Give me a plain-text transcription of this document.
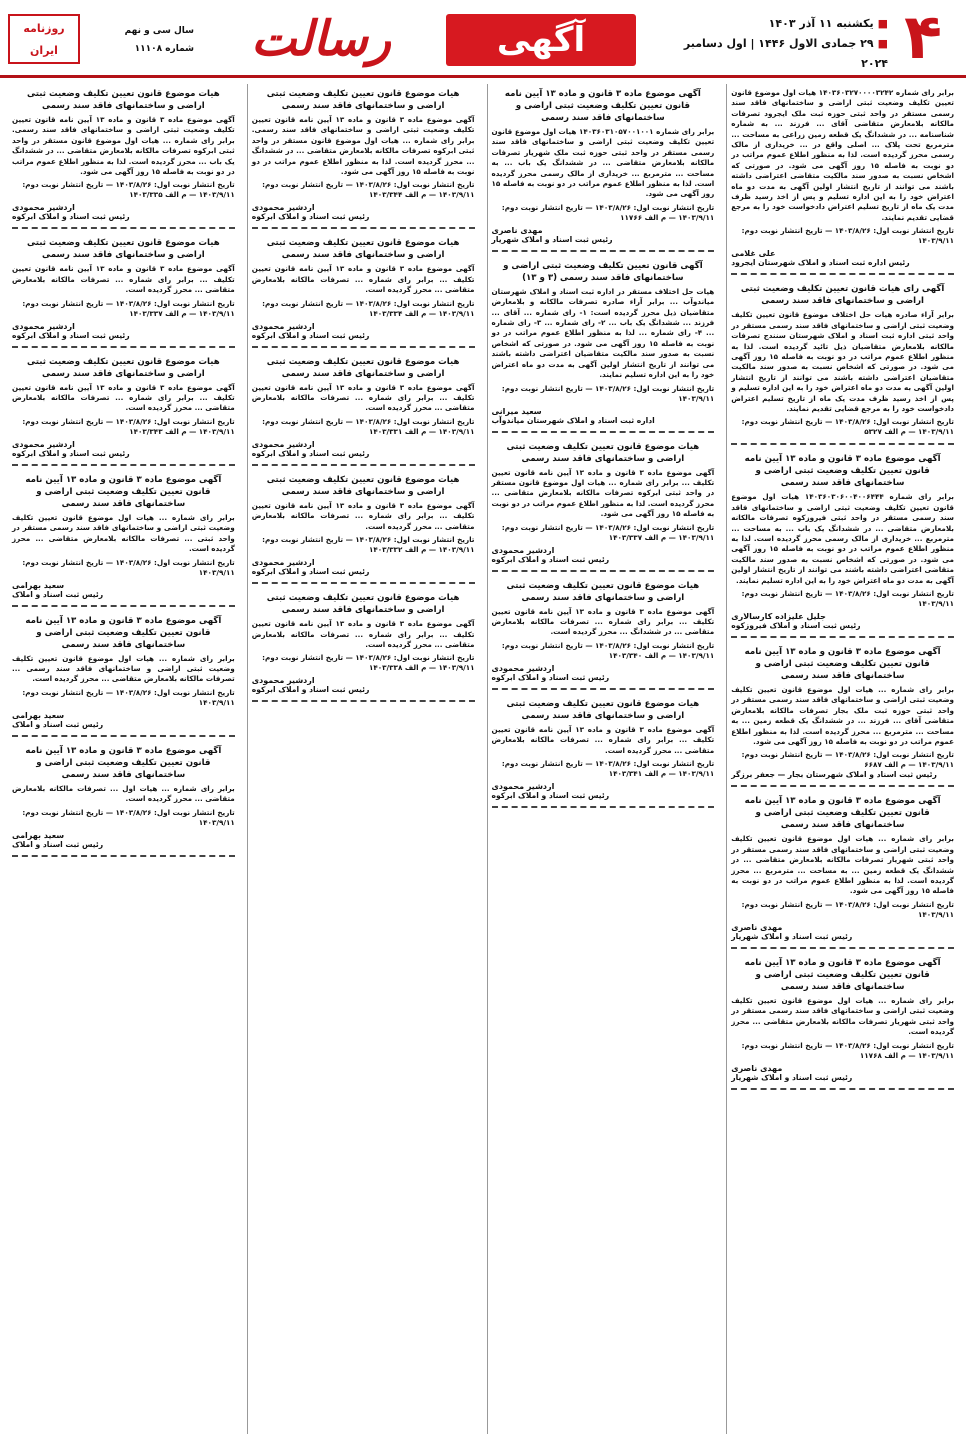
۴
■یکشنبه ۱۱ آذر ۱۴۰۳
■۲۹ جمادی الاول ۱۴۴۶ | اول دسامبر ۲۰۲۴
آگهی
رسالت
سال سی و نهم
شماره ۱۱۱۰۸
روزنامه
ایران
برابر رای شماره ۱۴۰۳۶۰۳۲۷۰۰۰۰۳۲۴۲ هیات اول موضوع قانون تعیین تکلیف وضعیت ثبتی اراضی و ساختمانهای فاقد سند رسمی مستقر در واحد ثبتی حوزه ثبت ملک ایجرود تصرفات مالکانه بلامعارض متقاضی آقای ... فرزند ... به شماره شناسنامه ... در ششدانگ یک قطعه زمین زراعی به مساحت ... مترمربع تحت پلاک ... اصلی واقع در ... خریداری از مالک رسمی محرز گردیده است. لذا به منظور اطلاع عموم مراتب در دو نوبت به فاصله ۱۵ روز آگهی می شود. در صورتی که اشخاص نسبت به صدور سند مالکیت متقاضی اعتراضی داشته باشند می توانند از تاریخ انتشار اولین آگهی به مدت دو ماه اعتراض خود را به این اداره تسلیم و پس از اخذ رسید ظرف مدت یک ماه از تاریخ تسلیم اعتراض دادخواست خود را به مرجع قضایی تقدیم نمایند.
تاریخ انتشار نوبت اول: ۱۴۰۳/۸/۲۶ — تاریخ انتشار نوبت دوم: ۱۴۰۳/۹/۱۱
علی غلامی
رئیس اداره ثبت اسناد و املاک شهرستان ایجرود
آگهی رای هیات قانون تعیین تکلیف وضعیت ثبتی اراضی و ساختمانهای فاقد سند رسمی
برابر آراء صادره هیات حل اختلاف موضوع قانون تعیین تکلیف وضعیت ثبتی اراضی و ساختمانهای فاقد سند رسمی مستقر در واحد ثبتی اداره ثبت اسناد و املاک شهرستان سنندج تصرفات مالکانه بلامعارض متقاضیان ذیل تائید گردیده است. لذا به منظور اطلاع عموم مراتب در دو نوبت به فاصله ۱۵ روز آگهی می شود. در صورتی که اشخاص نسبت به صدور سند مالکیت متقاضیان اعتراضی داشته باشند می توانند از تاریخ انتشار اولین آگهی به مدت دو ماه اعتراض خود را به این اداره تسلیم و پس از اخذ رسید ظرف مدت یک ماه از تاریخ تسلیم اعتراض دادخواست خود را به مرجع قضایی تقدیم نمایند.
تاریخ انتشار نوبت اول: ۱۴۰۳/۸/۲۶ — تاریخ انتشار نوبت دوم: ۱۴۰۳/۹/۱۱ — م الف ۵۳۲۷
آگهی موضوع ماده ۳ قانون و ماده ۱۳ آیین نامه قانون تعیین تکلیف وضعیت ثبتی اراضی و ساختمانهای فاقد سند رسمی
برابر رای شماره ۱۴۰۳۶۰۳۰۶۰۰۴۰۰۶۴۴۴ هیات اول موضوع قانون تعیین تکلیف وضعیت ثبتی اراضی و ساختمانهای فاقد سند رسمی مستقر در واحد ثبتی فیروزکوه تصرفات مالکانه بلامعارض متقاضی ... در ششدانگ یک باب ... به مساحت ... مترمربع ... خریداری از مالک رسمی محرز گردیده است. لذا به منظور اطلاع عموم مراتب در دو نوبت به فاصله ۱۵ روز آگهی می شود. در صورتی که اشخاص نسبت به صدور سند مالکیت متقاضی اعتراضی داشته باشند می توانند از تاریخ انتشار اولین آگهی به مدت دو ماه اعتراض خود را به این اداره تسلیم نمایند.
تاریخ انتشار نوبت اول: ۱۴۰۳/۸/۲۶ — تاریخ انتشار نوبت دوم: ۱۴۰۳/۹/۱۱
جلیل علیزاده کارسالاری
رئیس ثبت اسناد و املاک فیروزکوه
آگهی موضوع ماده ۳ قانون و ماده ۱۳ آیین نامه قانون تعیین تکلیف وضعیت ثبتی اراضی و ساختمانهای فاقد سند رسمی
برابر رای شماره ... هیات اول موضوع قانون تعیین تکلیف وضعیت ثبتی اراضی و ساختمانهای فاقد سند رسمی مستقر در واحد ثبتی حوزه ثبت ملک بجار تصرفات مالکانه بلامعارض متقاضی آقای ... فرزند ... در ششدانگ یک قطعه زمین ... به مساحت ... مترمربع ... محرز گردیده است. لذا به منظور اطلاع عموم مراتب در دو نوبت به فاصله ۱۵ روز آگهی می شود.
تاریخ انتشار نوبت اول: ۱۴۰۳/۸/۲۶ — تاریخ انتشار نوبت دوم: ۱۴۰۳/۹/۱۱ — م الف ۶۶۸۷
رئیس ثبت اسناد و املاک شهرستان بجار — جعفر برزگر
آگهی موضوع ماده ۳ قانون و ماده ۱۳ آیین نامه قانون تعیین تکلیف وضعیت ثبتی اراضی و ساختمانهای فاقد سند رسمی
برابر رای شماره ... هیات اول موضوع قانون تعیین تکلیف وضعیت ثبتی اراضی و ساختمانهای فاقد سند رسمی مستقر در واحد ثبتی شهریار تصرفات مالکانه بلامعارض متقاضی ... در ششدانگ یک قطعه زمین ... به مساحت ... مترمربع ... محرز گردیده است. لذا به منظور اطلاع عموم مراتب در دو نوبت به فاصله ۱۵ روز آگهی می شود.
تاریخ انتشار نوبت اول: ۱۴۰۳/۸/۲۶ — تاریخ انتشار نوبت دوم: ۱۴۰۳/۹/۱۱
مهدی ناصری
رئیس ثبت اسناد و املاک شهریار
آگهی موضوع ماده ۳ قانون و ماده ۱۳ آیین نامه قانون تعیین تکلیف وضعیت ثبتی اراضی و ساختمانهای فاقد سند رسمی
برابر رای شماره ... هیات اول موضوع قانون تعیین تکلیف وضعیت ثبتی اراضی و ساختمانهای فاقد سند رسمی مستقر در واحد ثبتی شهریار تصرفات مالکانه بلامعارض متقاضی ... محرز گردیده است.
تاریخ انتشار نوبت اول: ۱۴۰۳/۸/۲۶ — تاریخ انتشار نوبت دوم: ۱۴۰۳/۹/۱۱ — م الف ۱۱۷۶۸
مهدی ناصری
رئیس ثبت اسناد و املاک شهریار
آگهی موضوع ماده ۳ قانون و ماده ۱۳ آیین نامه قانون تعیین تکلیف وضعیت ثبتی اراضی و ساختمانهای فاقد سند رسمی
برابر رای شماره ۱۴۰۳۶۰۳۱۰۵۷۰۰۱۰۰۱ هیات اول موضوع قانون تعیین تکلیف وضعیت ثبتی اراضی و ساختمانهای فاقد سند رسمی مستقر در واحد ثبتی حوزه ثبت ملک شهریار تصرفات مالکانه بلامعارض متقاضی ... در ششدانگ یک باب ... به مساحت ... مترمربع ... خریداری از مالک رسمی محرز گردیده است. لذا به منظور اطلاع عموم مراتب در دو نوبت به فاصله ۱۵ روز آگهی می شود.
تاریخ انتشار نوبت اول: ۱۴۰۳/۸/۲۶ — تاریخ انتشار نوبت دوم: ۱۴۰۳/۹/۱۱ — م الف ۱۱۷۶۶
مهدی ناصری
رئیس ثبت اسناد و املاک شهریار
آگهی قانون تعیین تکلیف وضعیت ثبتی اراضی و ساختمانهای فاقد سند رسمی (۳ و ۱۳)
هیات حل اختلاف مستقر در اداره ثبت اسناد و املاک شهرستان میاندوآب ... برابر آراء صادره تصرفات مالکانه و بلامعارض متقاضیان ذیل محرز گردیده است: ۱- رای شماره ... آقای ... فرزند ... ششدانگ یک باب ... ۲- رای شماره ... ۳- رای شماره ... ۴- رای شماره ... لذا به منظور اطلاع عموم مراتب در دو نوبت به فاصله ۱۵ روز آگهی می شود. در صورتی که اشخاص نسبت به صدور سند مالکیت متقاضیان اعتراضی داشته باشند می توانند از تاریخ انتشار اولین آگهی به مدت دو ماه اعتراض خود را به این اداره تسلیم نمایند.
تاریخ انتشار نوبت اول: ۱۴۰۳/۸/۲۶ — تاریخ انتشار نوبت دوم: ۱۴۰۳/۹/۱۱
سعید میرانی
اداره ثبت اسناد و املاک شهرستان میاندوآب
هیات موضوع قانون تعیین تکلیف وضعیت ثبتی اراضی و ساختمانهای فاقد سند رسمی
آگهی موضوع ماده ۳ قانون و ماده ۱۳ آیین نامه قانون تعیین تکلیف ... برابر رای شماره ... هیات اول موضوع قانون مستقر در واحد ثبتی ابرکوه تصرفات مالکانه بلامعارض متقاضی ... محرز گردیده است. لذا به منظور اطلاع عموم مراتب در دو نوبت به فاصله ۱۵ روز آگهی می شود.
تاریخ انتشار نوبت اول: ۱۴۰۳/۸/۲۶ — تاریخ انتشار نوبت دوم: ۱۴۰۳/۹/۱۱ — م الف ۱۴۰۳/۳۳۷
اردشیر محمودی
رئیس ثبت اسناد و املاک ابرکوه
هیات موضوع قانون تعیین تکلیف وضعیت ثبتی اراضی و ساختمانهای فاقد سند رسمی
آگهی موضوع ماده ۳ قانون و ماده ۱۳ آیین نامه قانون تعیین تکلیف ... برابر رای شماره ... تصرفات مالکانه بلامعارض متقاضی ... در ششدانگ ... محرز گردیده است.
تاریخ انتشار نوبت اول: ۱۴۰۳/۸/۲۶ — تاریخ انتشار نوبت دوم: ۱۴۰۳/۹/۱۱ — م الف ۱۴۰۳/۳۴۰
اردشیر محمودی
رئیس ثبت اسناد و املاک ابرکوه
هیات موضوع قانون تعیین تکلیف وضعیت ثبتی اراضی و ساختمانهای فاقد سند رسمی
آگهی موضوع ماده ۳ قانون و ماده ۱۳ آیین نامه قانون تعیین تکلیف ... برابر رای شماره ... تصرفات مالکانه بلامعارض متقاضی ... محرز گردیده است.
تاریخ انتشار نوبت اول: ۱۴۰۳/۸/۲۶ — تاریخ انتشار نوبت دوم: ۱۴۰۳/۹/۱۱ — م الف ۱۴۰۳/۳۴۱
اردشیر محمودی
رئیس ثبت اسناد و املاک ابرکوه
هیات موضوع قانون تعیین تکلیف وضعیت ثبتی اراضی و ساختمانهای فاقد سند رسمی
آگهی موضوع ماده ۳ قانون و ماده ۱۳ آیین نامه قانون تعیین تکلیف وضعیت ثبتی اراضی و ساختمانهای فاقد سند رسمی. برابر رای شماره ... هیات اول موضوع قانون مستقر در واحد ثبتی ابرکوه تصرفات مالکانه بلامعارض متقاضی ... در ششدانگ ... محرز گردیده است. لذا به منظور اطلاع عموم مراتب در دو نوبت به فاصله ۱۵ روز آگهی می شود.
تاریخ انتشار نوبت اول: ۱۴۰۳/۸/۲۶ — تاریخ انتشار نوبت دوم: ۱۴۰۳/۹/۱۱ — م الف ۱۴۰۳/۳۴۴
اردشیر محمودی
رئیس ثبت اسناد و املاک ابرکوه
هیات موضوع قانون تعیین تکلیف وضعیت ثبتی اراضی و ساختمانهای فاقد سند رسمی
آگهی موضوع ماده ۳ قانون و ماده ۱۳ آیین نامه قانون تعیین تکلیف ... برابر رای شماره ... تصرفات مالکانه بلامعارض متقاضی ... محرز گردیده است.
تاریخ انتشار نوبت اول: ۱۴۰۳/۸/۲۶ — تاریخ انتشار نوبت دوم: ۱۴۰۳/۹/۱۱ — م الف ۱۴۰۳/۳۳۴
اردشیر محمودی
رئیس ثبت اسناد و املاک ابرکوه
هیات موضوع قانون تعیین تکلیف وضعیت ثبتی اراضی و ساختمانهای فاقد سند رسمی
آگهی موضوع ماده ۳ قانون و ماده ۱۳ آیین نامه قانون تعیین تکلیف ... برابر رای شماره ... تصرفات مالکانه بلامعارض متقاضی ... محرز گردیده است.
تاریخ انتشار نوبت اول: ۱۴۰۳/۸/۲۶ — تاریخ انتشار نوبت دوم: ۱۴۰۳/۹/۱۱ — م الف ۱۴۰۳/۳۳۱
اردشیر محمودی
رئیس ثبت اسناد و املاک ابرکوه
هیات موضوع قانون تعیین تکلیف وضعیت ثبتی اراضی و ساختمانهای فاقد سند رسمی
آگهی موضوع ماده ۳ قانون و ماده ۱۳ آیین نامه قانون تعیین تکلیف ... برابر رای شماره ... تصرفات مالکانه بلامعارض متقاضی ... محرز گردیده است.
تاریخ انتشار نوبت اول: ۱۴۰۳/۸/۲۶ — تاریخ انتشار نوبت دوم: ۱۴۰۳/۹/۱۱ — م الف ۱۴۰۳/۳۳۲
اردشیر محمودی
رئیس ثبت اسناد و املاک ابرکوه
هیات موضوع قانون تعیین تکلیف وضعیت ثبتی اراضی و ساختمانهای فاقد سند رسمی
آگهی موضوع ماده ۳ قانون و ماده ۱۳ آیین نامه قانون تعیین تکلیف ... برابر رای شماره ... تصرفات مالکانه بلامعارض متقاضی ... محرز گردیده است.
تاریخ انتشار نوبت اول: ۱۴۰۳/۸/۲۶ — تاریخ انتشار نوبت دوم: ۱۴۰۳/۹/۱۱ — م الف ۱۴۰۳/۳۳۸
اردشیر محمودی
رئیس ثبت اسناد و املاک ابرکوه
هیات موضوع قانون تعیین تکلیف وضعیت ثبتی اراضی و ساختمانهای فاقد سند رسمی
آگهی موضوع ماده ۳ قانون و ماده ۱۳ آیین نامه قانون تعیین تکلیف وضعیت ثبتی اراضی و ساختمانهای فاقد سند رسمی. برابر رای شماره ... هیات اول موضوع قانون مستقر در واحد ثبتی ابرکوه تصرفات مالکانه بلامعارض متقاضی ... در ششدانگ یک باب ... محرز گردیده است. لذا به منظور اطلاع عموم مراتب در دو نوبت به فاصله ۱۵ روز آگهی می شود.
تاریخ انتشار نوبت اول: ۱۴۰۳/۸/۲۶ — تاریخ انتشار نوبت دوم: ۱۴۰۳/۹/۱۱ — م الف ۱۴۰۳/۳۳۵
اردشیر محمودی
رئیس ثبت اسناد و املاک ابرکوه
هیات موضوع قانون تعیین تکلیف وضعیت ثبتی اراضی و ساختمانهای فاقد سند رسمی
آگهی موضوع ماده ۳ قانون و ماده ۱۳ آیین نامه قانون تعیین تکلیف ... برابر رای شماره ... تصرفات مالکانه بلامعارض متقاضی ... محرز گردیده است.
تاریخ انتشار نوبت اول: ۱۴۰۳/۸/۲۶ — تاریخ انتشار نوبت دوم: ۱۴۰۳/۹/۱۱ — م الف ۱۴۰۳/۳۳۷
اردشیر محمودی
رئیس ثبت اسناد و املاک ابرکوه
هیات موضوع قانون تعیین تکلیف وضعیت ثبتی اراضی و ساختمانهای فاقد سند رسمی
آگهی موضوع ماده ۳ قانون و ماده ۱۳ آیین نامه قانون تعیین تکلیف ... برابر رای شماره ... تصرفات مالکانه بلامعارض متقاضی ... محرز گردیده است.
تاریخ انتشار نوبت اول: ۱۴۰۳/۸/۲۶ — تاریخ انتشار نوبت دوم: ۱۴۰۳/۹/۱۱ — م الف ۱۴۰۳/۳۴۳
اردشیر محمودی
رئیس ثبت اسناد و املاک ابرکوه
آگهی موضوع ماده ۳ قانون و ماده ۱۳ آیین نامه قانون تعیین تکلیف وضعیت ثبتی اراضی و ساختمانهای فاقد سند رسمی
برابر رای شماره ... هیات اول موضوع قانون تعیین تکلیف وضعیت ثبتی اراضی و ساختمانهای فاقد سند رسمی مستقر در واحد ثبتی ... تصرفات مالکانه بلامعارض متقاضی ... محرز گردیده است.
تاریخ انتشار نوبت اول: ۱۴۰۳/۸/۲۶ — تاریخ انتشار نوبت دوم: ۱۴۰۳/۹/۱۱
سعید بهرامی
رئیس ثبت اسناد و املاک
آگهی موضوع ماده ۳ قانون و ماده ۱۳ آیین نامه قانون تعیین تکلیف وضعیت ثبتی اراضی و ساختمانهای فاقد سند رسمی
برابر رای شماره ... هیات اول موضوع قانون تعیین تکلیف وضعیت ثبتی اراضی و ساختمانهای فاقد سند رسمی ... تصرفات مالکانه بلامعارض متقاضی ... محرز گردیده است.
تاریخ انتشار نوبت اول: ۱۴۰۳/۸/۲۶ — تاریخ انتشار نوبت دوم: ۱۴۰۳/۹/۱۱
سعید بهرامی
رئیس ثبت اسناد و املاک
آگهی موضوع ماده ۳ قانون و ماده ۱۳ آیین نامه قانون تعیین تکلیف وضعیت ثبتی اراضی و ساختمانهای فاقد سند رسمی
برابر رای شماره ... هیات اول ... تصرفات مالکانه بلامعارض متقاضی ... محرز گردیده است.
تاریخ انتشار نوبت اول: ۱۴۰۳/۸/۲۶ — تاریخ انتشار نوبت دوم: ۱۴۰۳/۹/۱۱
سعید بهرامی
رئیس ثبت اسناد و املاک
